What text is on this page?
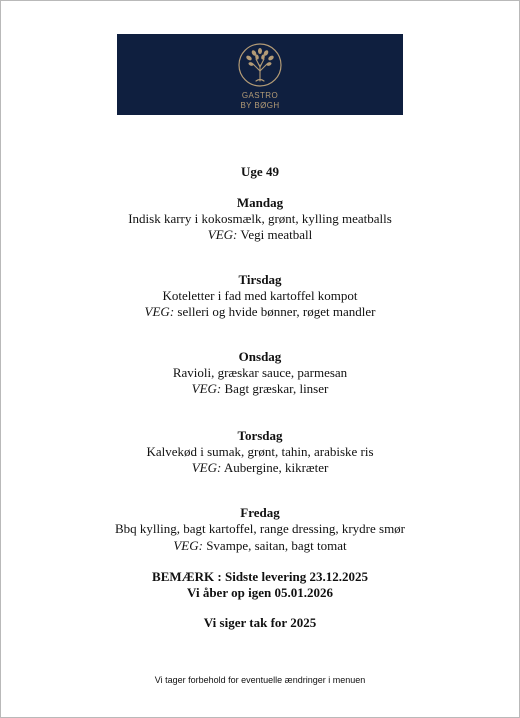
GASTRO
BY BØGH
Uge 49
Mandag
Indisk karry i kokosmælk, grønt, kylling meatballs
VEG: Vegi meatball
Tirsdag
Koteletter i fad med kartoffel kompot
VEG: selleri og hvide bønner, røget mandler
Onsdag
Ravioli, græskar sauce, parmesan
VEG: Bagt græskar, linser
Torsdag
Kalvekød i sumak, grønt, tahin, arabiske ris
VEG: Aubergine, kikræter
Fredag
Bbq kylling, bagt kartoffel, range dressing, krydre smør
VEG: Svampe, saitan, bagt tomat
BEMÆRK : Sidste levering 23.12.2025
Vi åber op igen 05.01.2026
Vi siger tak for 2025
Vi tager forbehold for eventuelle ændringer i menuen
